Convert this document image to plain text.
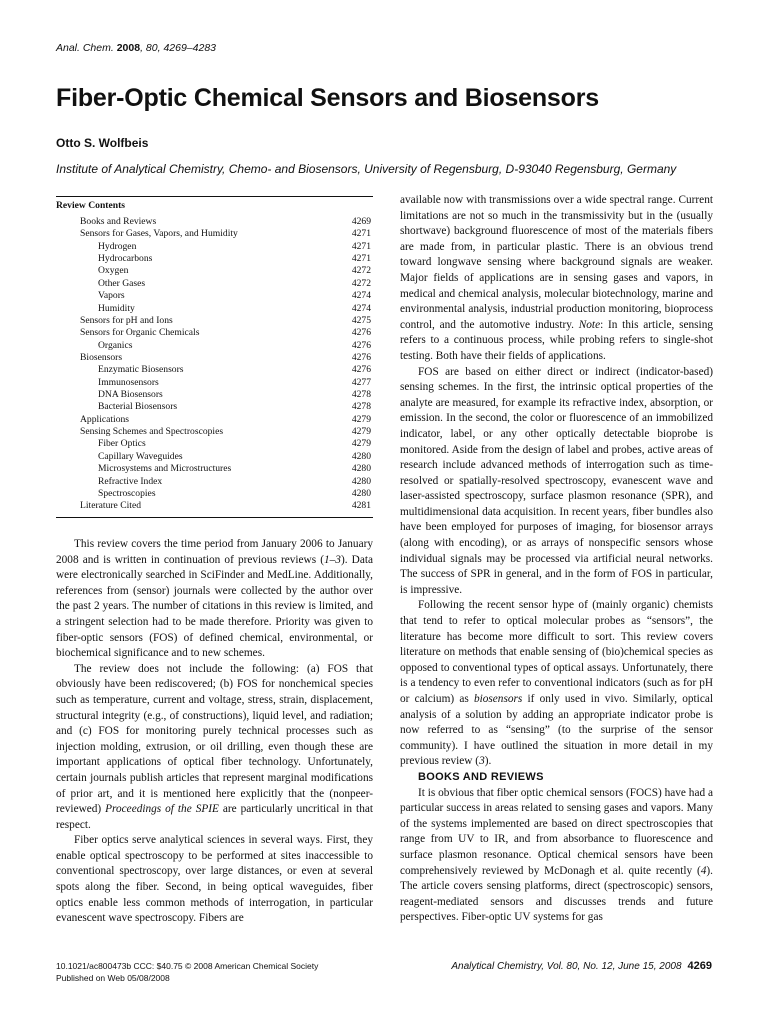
Anal. Chem. 2008, 80, 4269–4283
Fiber-Optic Chemical Sensors and Biosensors
Otto S. Wolfbeis
Institute of Analytical Chemistry, Chemo- and Biosensors, University of Regensburg, D-93040 Regensburg, Germany
Review Contents
Books and Reviews	4269
Sensors for Gases, Vapors, and Humidity	4271
Hydrogen	4271
Hydrocarbons	4271
Oxygen	4272
Other Gases	4272
Vapors	4274
Humidity	4274
Sensors for pH and Ions	4275
Sensors for Organic Chemicals	4276
Organics	4276
Biosensors	4276
Enzymatic Biosensors	4276
Immunosensors	4277
DNA Biosensors	4278
Bacterial Biosensors	4278
Applications	4279
Sensing Schemes and Spectroscopies	4279
Fiber Optics	4279
Capillary Waveguides	4280
Microsystems and Microstructures	4280
Refractive Index	4280
Spectroscopies	4280
Literature Cited	4281

This review covers the time period from January 2006 to January 2008 and is written in continuation of previous reviews (1–3). Data were electronically searched in SciFinder and MedLine. Additionally, references from (sensor) journals were collected by the author over the past 2 years. The number of citations in this review is limited, and a stringent selection had to be made therefore. Priority was given to fiber-optic sensors (FOS) of defined chemical, environmental, or biochemical significance and to new schemes.

The review does not include the following: (a) FOS that obviously have been rediscovered; (b) FOS for nonchemical species such as temperature, current and voltage, stress, strain, displacement, structural integrity (e.g., of constructions), liquid level, and radiation; and (c) FOS for monitoring purely technical processes such as injection molding, extrusion, or oil drilling, even though these are important applications of optical fiber technology. Unfortunately, certain journals publish articles that represent marginal modifications of prior art, and it is mentioned here explicitly that the (nonpeer-reviewed) Proceedings of the SPIE are particularly uncritical in that respect.

Fiber optics serve analytical sciences in several ways. First, they enable optical spectroscopy to be performed at sites inaccessible to conventional spectroscopy, over large distances, or even at several spots along the fiber. Second, in being optical waveguides, fiber optics enable less common methods of interrogation, in particular evanescent wave spectroscopy. Fibers are

available now with transmissions over a wide spectral range. Current limitations are not so much in the transmissivity but in the (usually shortwave) background fluorescence of most of the materials fibers are made from, in particular plastic. There is an obvious trend toward longwave sensing where background signals are weaker. Major fields of applications are in sensing gases and vapors, in medical and chemical analysis, molecular biotechnology, marine and environmental analysis, industrial production monitoring, bioprocess control, and the automotive industry. Note: In this article, sensing refers to a continuous process, while probing refers to single-shot testing. Both have their fields of applications.

FOS are based on either direct or indirect (indicator-based) sensing schemes. In the first, the intrinsic optical properties of the analyte are measured, for example its refractive index, absorption, or emission. In the second, the color or fluorescence of an immobilized indicator, label, or any other optically detectable bioprobe is monitored. Aside from the design of label and probes, active areas of research include advanced methods of interrogation such as time-resolved or spatially-resolved spectroscopy, evanescent wave and laser-assisted spectroscopy, surface plasmon resonance (SPR), and multidimensional data acquisition. In recent years, fiber bundles also have been employed for purposes of imaging, for biosensor arrays (along with encoding), or as arrays of nonspecific sensors whose individual signals may be processed via artificial neural networks. The success of SPR in general, and in the form of FOS in particular, is impressive.

Following the recent sensor hype of (mainly organic) chemists that tend to refer to optical molecular probes as “sensors”, the literature has become more difficult to sort. This review covers literature on methods that enable sensing of (bio)chemical species as opposed to conventional types of optical assays. Unfortunately, there is a tendency to even refer to conventional indicators (such as for pH or calcium) as biosensors if only used in vivo. Similarly, optical analysis of a solution by adding an appropriate indicator probe is now referred to as “sensing” (to the surprise of the sensor community). I have outlined the situation in more detail in my previous review (3).

BOOKS AND REVIEWS

It is obvious that fiber optic chemical sensors (FOCS) have had a particular success in areas related to sensing gases and vapors. Many of the systems implemented are based on direct spectroscopies that range from UV to IR, and from absorbance to fluorescence and surface plasmon resonance. Optical chemical sensors have been comprehensively reviewed by McDonagh et al. quite recently (4). The article covers sensing platforms, direct (spectroscopic) sensors, reagent-mediated sensors and discusses trends and future perspectives. Fiber-optic UV systems for gas

10.1021/ac800473b CCC: $40.75 © 2008 American Chemical Society
Published on Web 05/08/2008
Analytical Chemistry, Vol. 80, No. 12, June 15, 2008 4269
